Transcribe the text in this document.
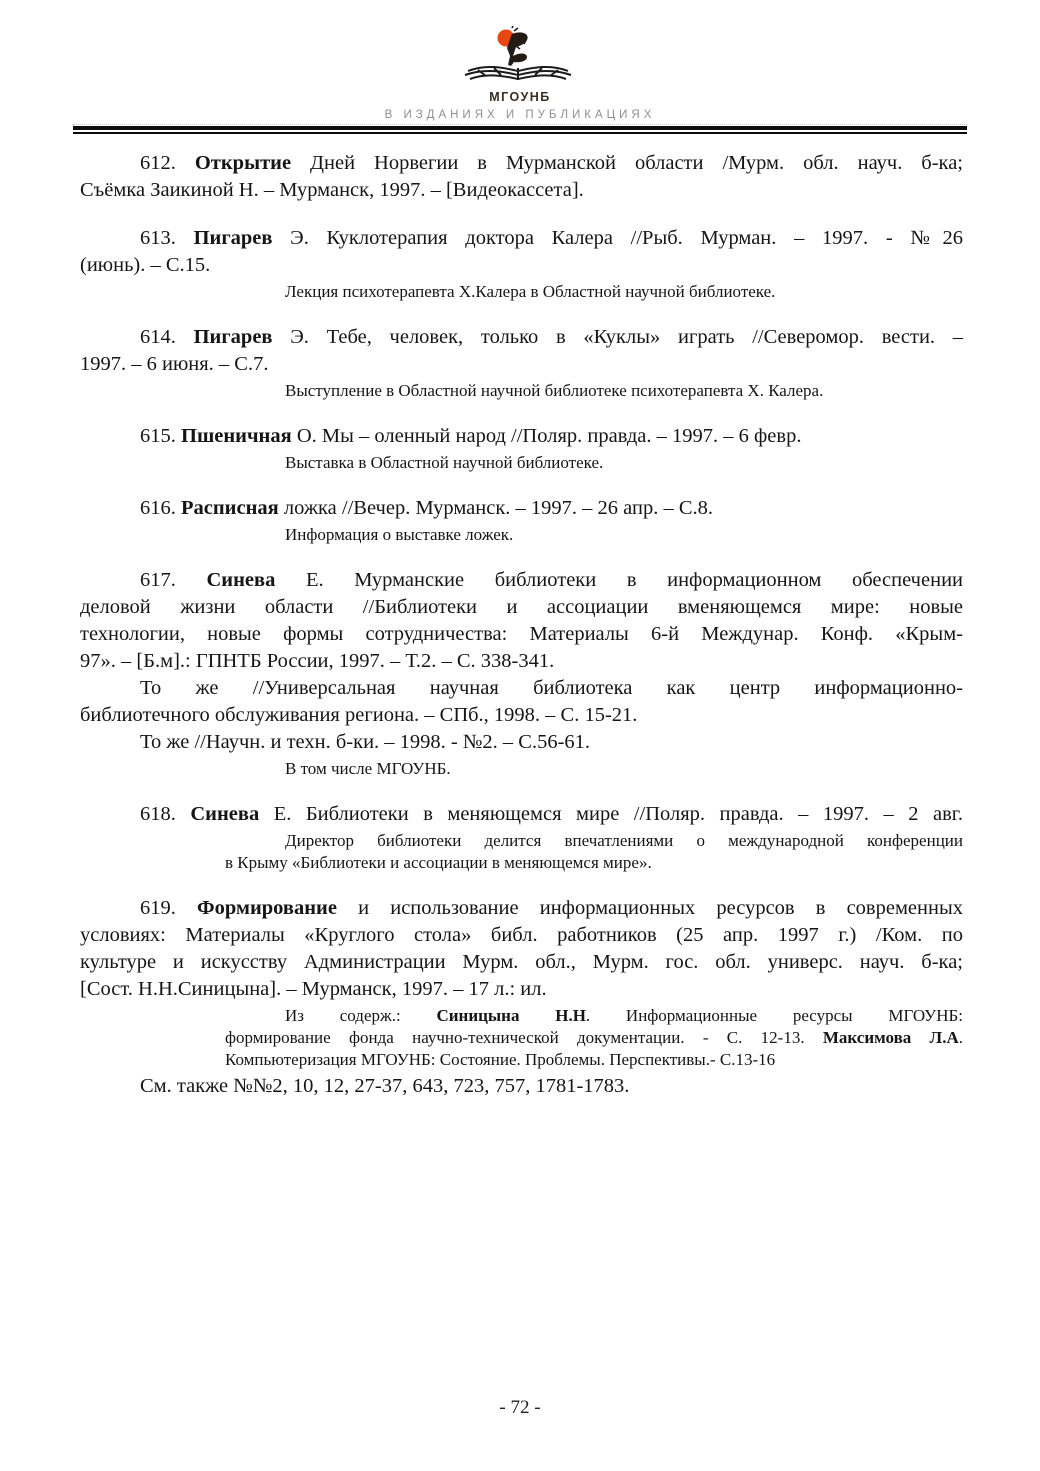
МГОУНБ
В ИЗДАНИЯХ И ПУБЛИКАЦИЯХ
612. Открытие Дней Норвегии в Мурманской области /Мурм. обл. науч. б-ка;
Съёмка Заикиной Н. – Мурманск, 1997. – [Видеокассета].
613. Пигарев Э. Куклотерапия доктора Калера //Рыб. Мурман. – 1997. - №26
(июнь). – С.15.
Лекция психотерапевта Х.Калера в Областной научной библиотеке.
614. Пигарев Э. Тебе, человек, только в «Куклы» играть //Северомор. вести. –
1997. – 6 июня. – С.7.
Выступление в Областной научной библиотеке психотерапевта Х. Калера.
615. Пшеничная О. Мы – оленный народ //Поляр. правда. – 1997. – 6 февр.
Выставка в Областной научной библиотеке.
616. Расписная ложка //Вечер. Мурманск. – 1997. – 26 апр. – С.8.
Информация о выставке ложек.
617. Синева Е. Мурманские библиотеки в информационном обеспечении
деловой жизни области //Библиотеки и ассоциации вменяющемся мире: новые
технологии, новые формы сотрудничества: Материалы 6-й Междунар. Конф. «Крым-
97». – [Б.м].: ГПНТБ России, 1997. – Т.2. – С. 338-341.
То же //Универсальная научная библиотека как центр информационно-
библиотечного обслуживания региона. – СПб., 1998. – С. 15-21.
То же //Научн. и техн. б-ки. – 1998. - №2. – С.56-61.
В том числе МГОУНБ.
618. Синева Е. Библиотеки в меняющемся мире //Поляр. правда. – 1997. – 2 авг.
Директор библиотеки делится впечатлениями о международной конференции
в Крыму «Библиотеки и ассоциации в меняющемся мире».
619. Формирование и использование информационных ресурсов в современных
условиях: Материалы «Круглого стола» библ. работников (25 апр. 1997 г.) /Ком. по
культуре и искусству Администрации Мурм. обл., Мурм. гос. обл. универс. науч. б-ка;
[Сост. Н.Н.Синицына]. – Мурманск, 1997. – 17 л.: ил.
Из содерж.: Синицына Н.Н. Информационные ресурсы МГОУНБ:
формирование фонда научно-технической документации. - С. 12-13. Максимова Л.А.
Компьютеризация МГОУНБ: Состояние. Проблемы. Перспективы.- С.13-16
См. также №№2, 10, 12, 27-37, 643, 723, 757, 1781-1783.
- 72 -
